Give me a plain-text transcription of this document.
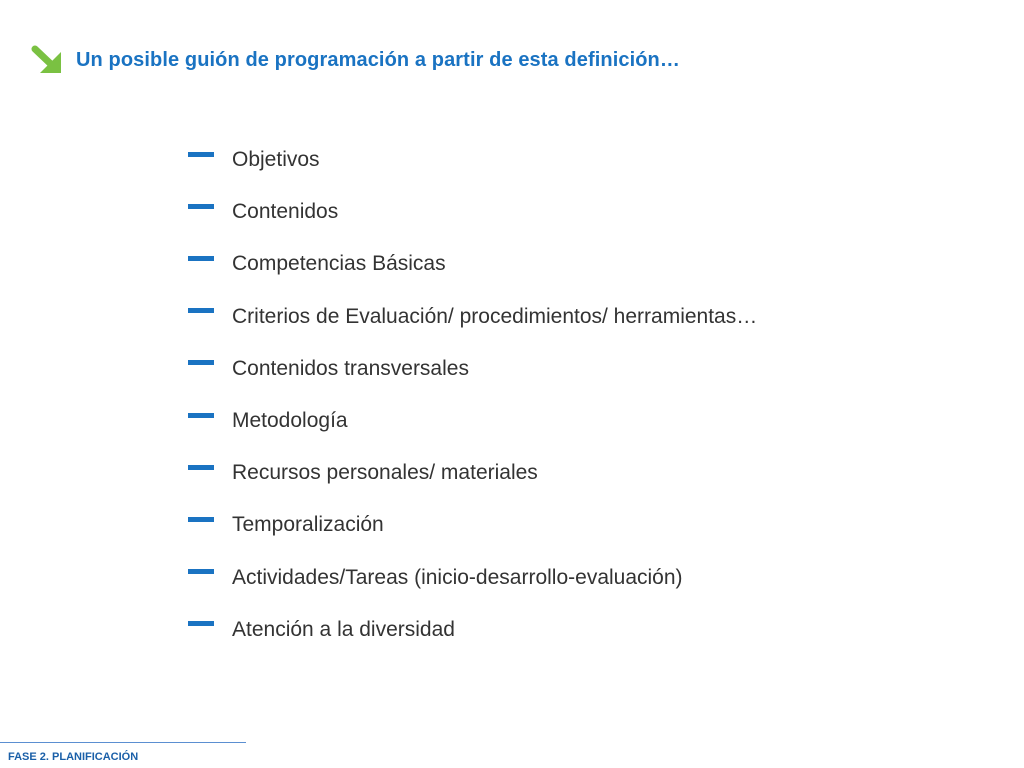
Un posible guión de programación a partir de esta definición…
Objetivos
Contenidos
Competencias Básicas
Criterios de Evaluación/ procedimientos/ herramientas…
Contenidos transversales
Metodología
Recursos personales/ materiales
Temporalización
Actividades/Tareas (inicio-desarrollo-evaluación)
Atención a la diversidad
FASE 2. PLANIFICACIÓN
